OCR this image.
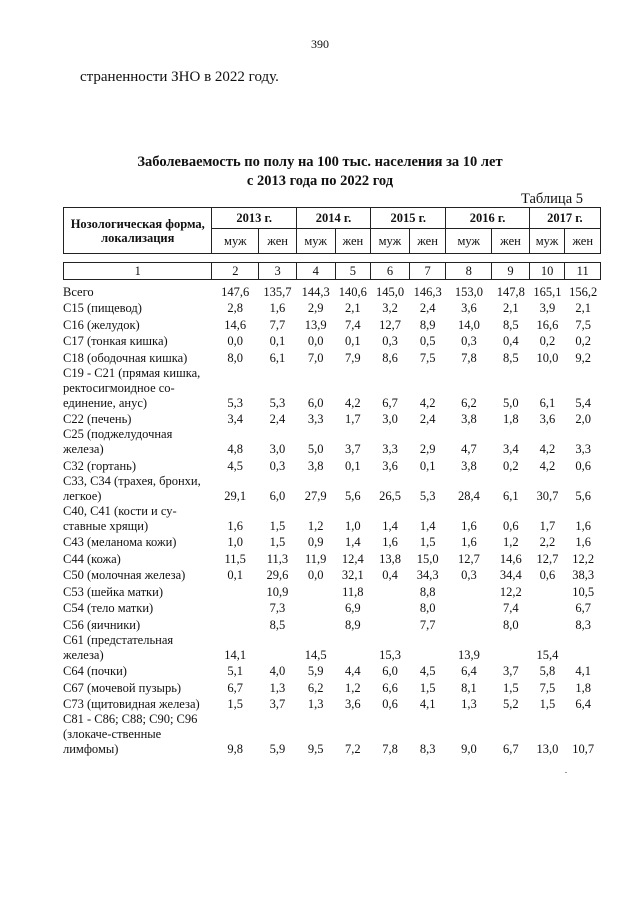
390
страненности ЗНО в 2022 году.
Заболеваемость по полу на 100 тыс. населения за 10 лет
с 2013 года по 2022 год
Таблица 5
Нозологическая форма, локализация	2013 г.		2014 г.		2015 г.		2016 г.		2017 г.	
	муж	жен	муж	жен	муж	жен	муж	жен	муж	жен

1	2	3	4	5	6	7	8	9	10	11
Всего	147,6	135,7	144,3	140,6	145,0	146,3	153,0	147,8	165,1	156,2
С15 (пищевод)	2,8	1,6	2,9	2,1	3,2	2,4	3,6	2,1	3,9	2,1
С16 (желудок)	14,6	7,7	13,9	7,4	12,7	8,9	14,0	8,5	16,6	7,5
С17 (тонкая кишка)	0,0	0,1	0,0	0,1	0,3	0,5	0,3	0,4	0,2	0,2
С18 (ободочная кишка)	8,0	6,1	7,0	7,9	8,6	7,5	7,8	8,5	10,0	9,2
С19 - С21 (прямая кишка, ректосигмоидное со-единение, анус)	5,3	5,3	6,0	4,2	6,7	4,2	6,2	5,0	6,1	5,4
С22 (печень)	3,4	2,4	3,3	1,7	3,0	2,4	3,8	1,8	3,6	2,0
С25 (поджелудочная железа)	4,8	3,0	5,0	3,7	3,3	2,9	4,7	3,4	4,2	3,3
С32 (гортань)	4,5	0,3	3,8	0,1	3,6	0,1	3,8	0,2	4,2	0,6
С33, С34 (трахея, бронхи, легкое)	29,1	6,0	27,9	5,6	26,5	5,3	28,4	6,1	30,7	5,6
С40, С41 (кости и су-ставные хрящи)	1,6	1,5	1,2	1,0	1,4	1,4	1,6	0,6	1,7	1,6
С43 (меланома кожи)	1,0	1,5	0,9	1,4	1,6	1,5	1,6	1,2	2,2	1,6
С44 (кожа)	11,5	11,3	11,9	12,4	13,8	15,0	12,7	14,6	12,7	12,2
С50 (молочная железа)	0,1	29,6	0,0	32,1	0,4	34,3	0,3	34,4	0,6	38,3
С53 (шейка матки)		10,9		11,8		8,8		12,2		10,5
С54 (тело матки)		7,3		6,9		8,0		7,4		6,7
С56 (яичники)		8,5		8,9		7,7		8,0		8,3
С61 (предстательная железа)	14,1		14,5		15,3		13,9		15,4	
С64 (почки)	5,1	4,0	5,9	4,4	6,0	4,5	6,4	3,7	5,8	4,1
С67 (мочевой пузырь)	6,7	1,3	6,2	1,2	6,6	1,5	8,1	1,5	7,5	1,8
С73 (щитовидная железа)	1,5	3,7	1,3	3,6	0,6	4,1	1,3	5,2	1,5	6,4
С81 - С86; С88; С90; С96 (злокаче-ственные лимфомы)	9,8	5,9	9,5	7,2	7,8	8,3	9,0	6,7	13,0	10,7
